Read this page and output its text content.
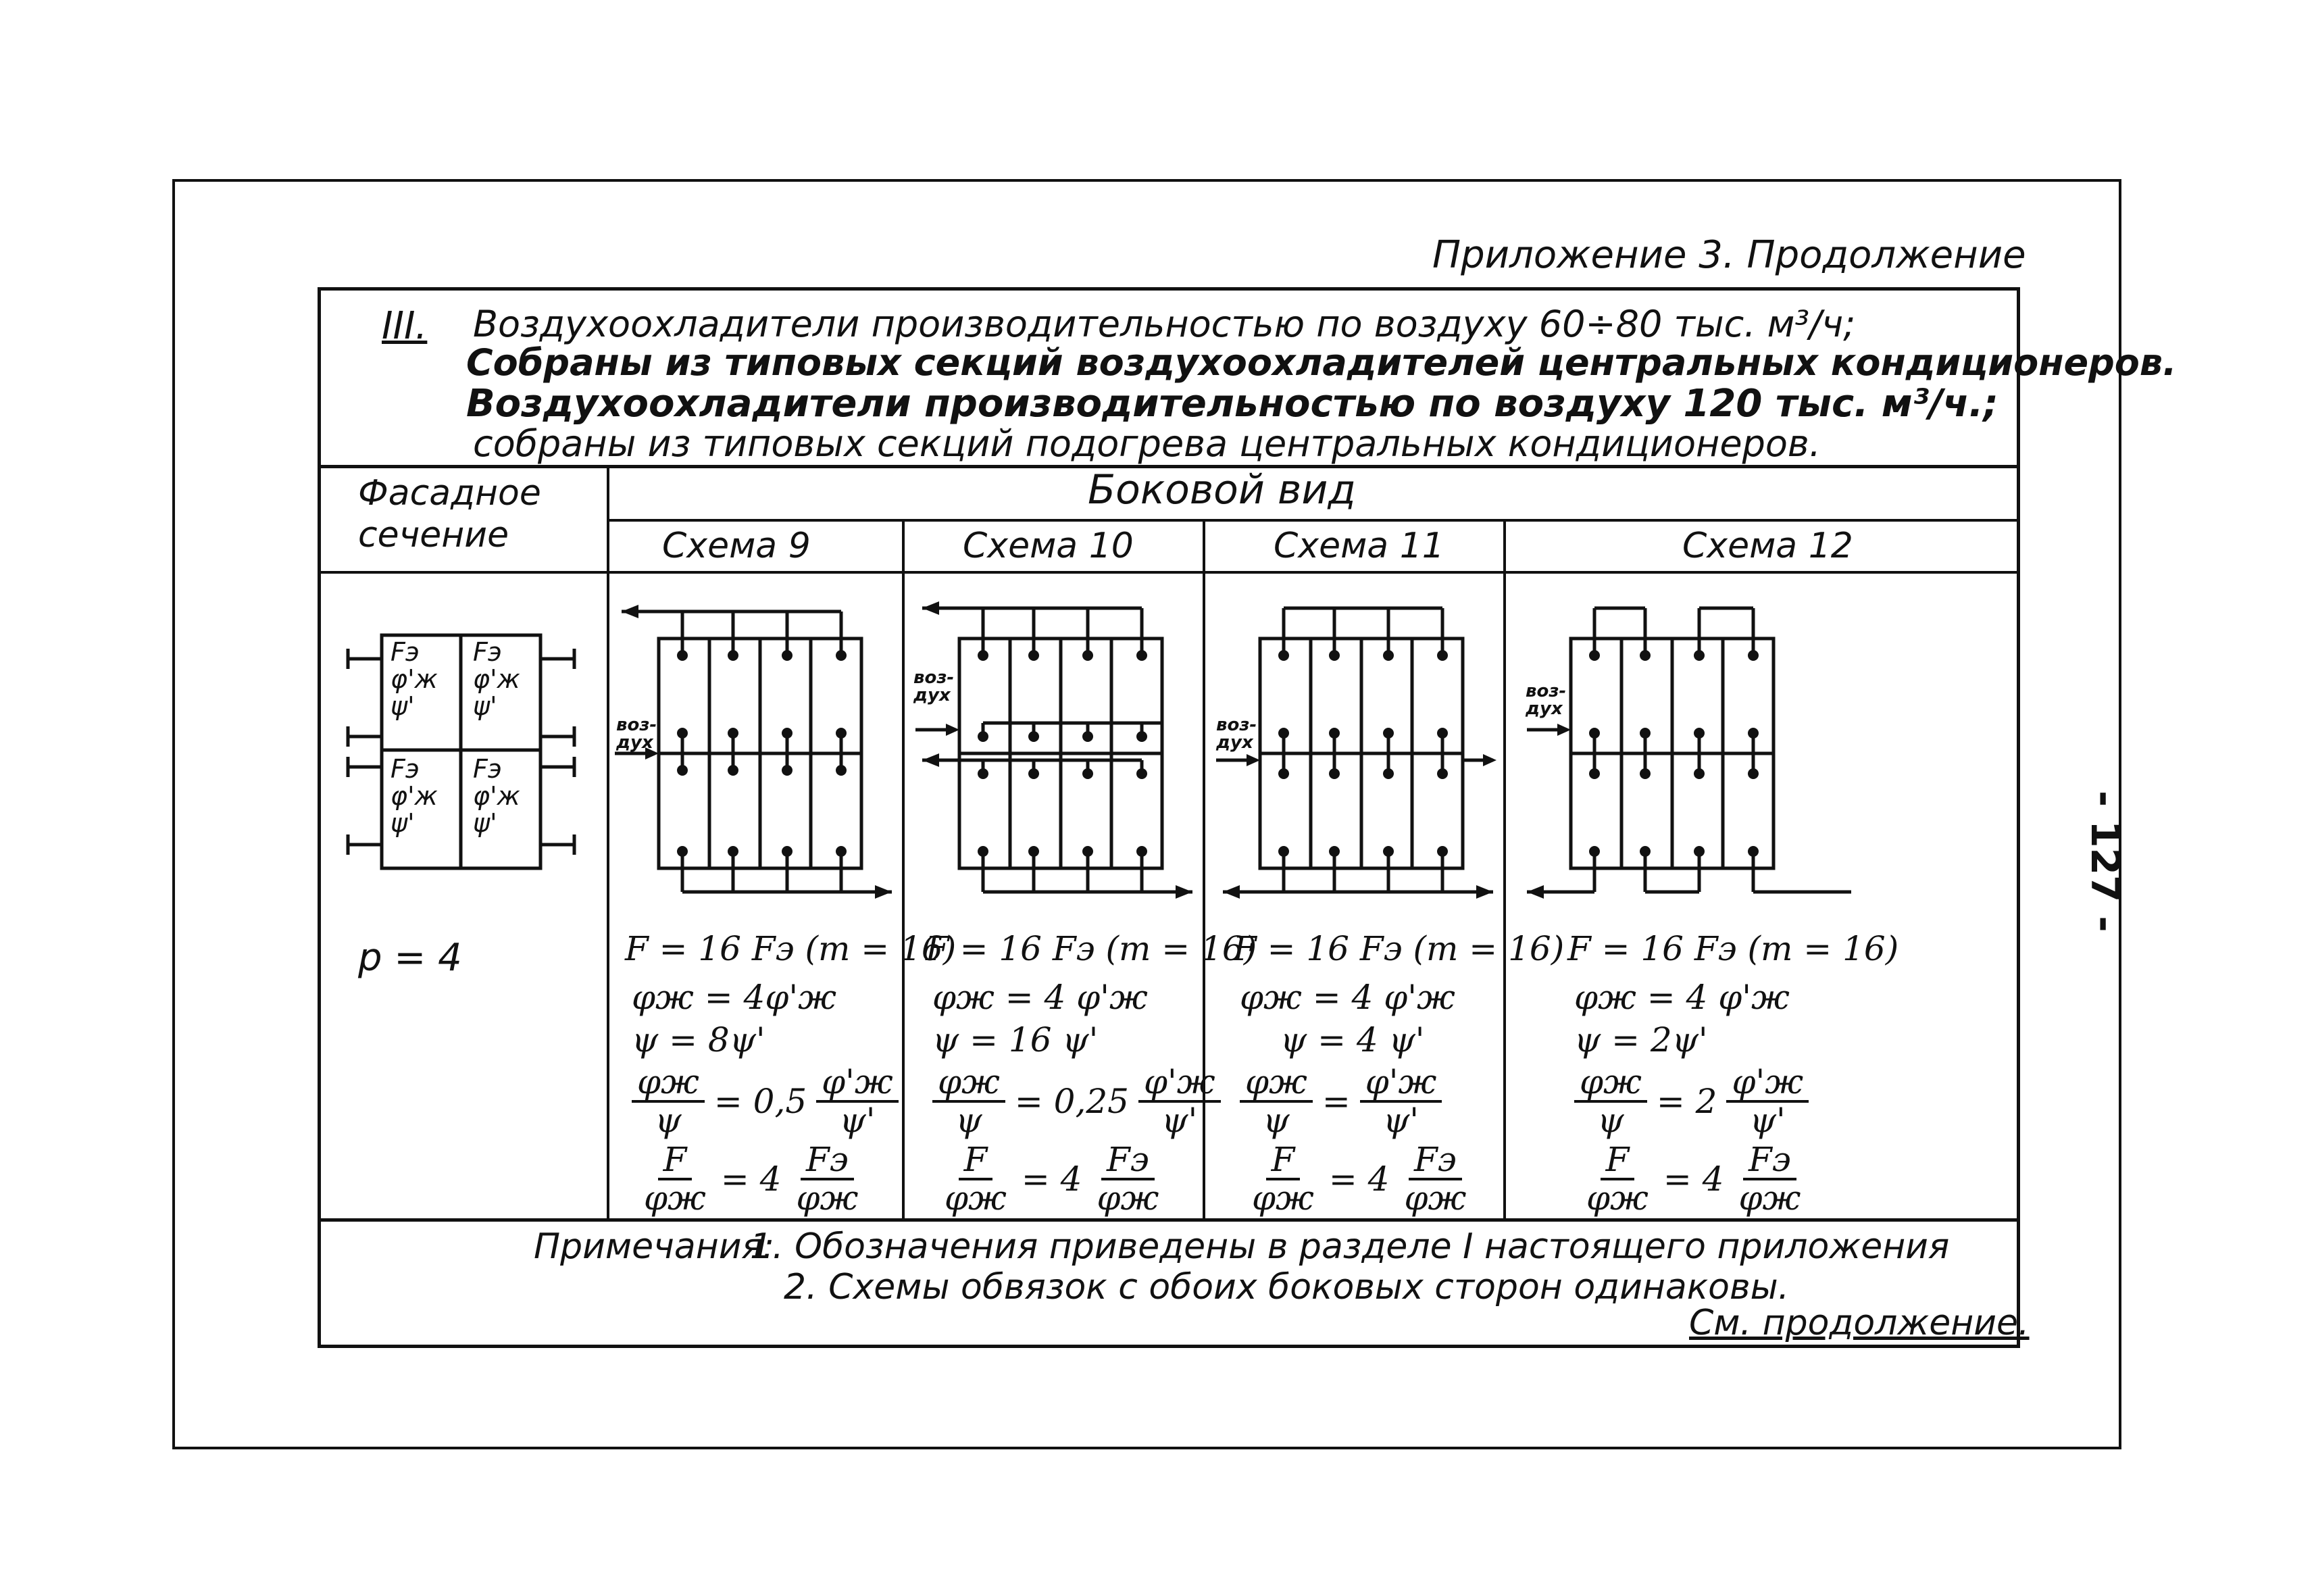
Приложение 3. Продолжение
- 127 -
III. Воздухоохладители производительностью по воздуху 60÷80 тыс. м³/ч;
Собраны из типовых секций воздухоохладителей центральных кондиционеров.
Воздухоохладители производительностью по воздуху 120 тыс. м³/ч.;
собраны из типовых секций подогрева центральных кондиционеров.
Фасадное
сечение
Боковой вид
Схема 9	Схема 10	Схема 11	Схема 12
Fэ
φ'ж
ψ'
Fэ
φ'ж
ψ'
Fэ
φ'ж
ψ'
Fэ
φ'ж
ψ'
p = 4
воз-
дух
воз-
дух
воз-
дух
воз-
дух
F = 16 Fэ (m = 16)
φж = 4φ'ж
ψ = 8ψ'
$\frac{\varphi ж}{\psi} = 0,5 \frac{\varphi'ж}{\psi'}$
$\frac{F}{\varphi ж} = 4 \frac{Fэ}{\varphi ж}$
F = 16 Fэ (m = 16)
φж = 4 φ'ж
ψ = 16 ψ'
$\frac{\varphi ж}{\psi} = 0,25 \frac{\varphi'ж}{\psi'}$
$\frac{F}{\varphi ж} = 4 \frac{Fэ}{\varphi ж}$
F = 16 Fэ (m = 16)
φж = 4 φ'ж
ψ = 4 ψ'
$\frac{\varphi ж}{\psi} = \frac{\varphi'ж}{\psi'}$
$\frac{F}{\varphi ж} = 4 \frac{Fэ}{\varphi ж}$
F = 16 Fэ (m = 16)
φж = 4 φ'ж
ψ = 2ψ'
$\frac{\varphi ж}{\psi} = 2 \frac{\varphi'ж}{\psi'}$
$\frac{F}{\varphi ж} = 4 \frac{Fэ}{\varphi ж}$
Примечания:
1. Обозначения приведены в разделе I настоящего приложения
2. Схемы обвязок с обоих боковых сторон одинаковы.
См. продолжение.
